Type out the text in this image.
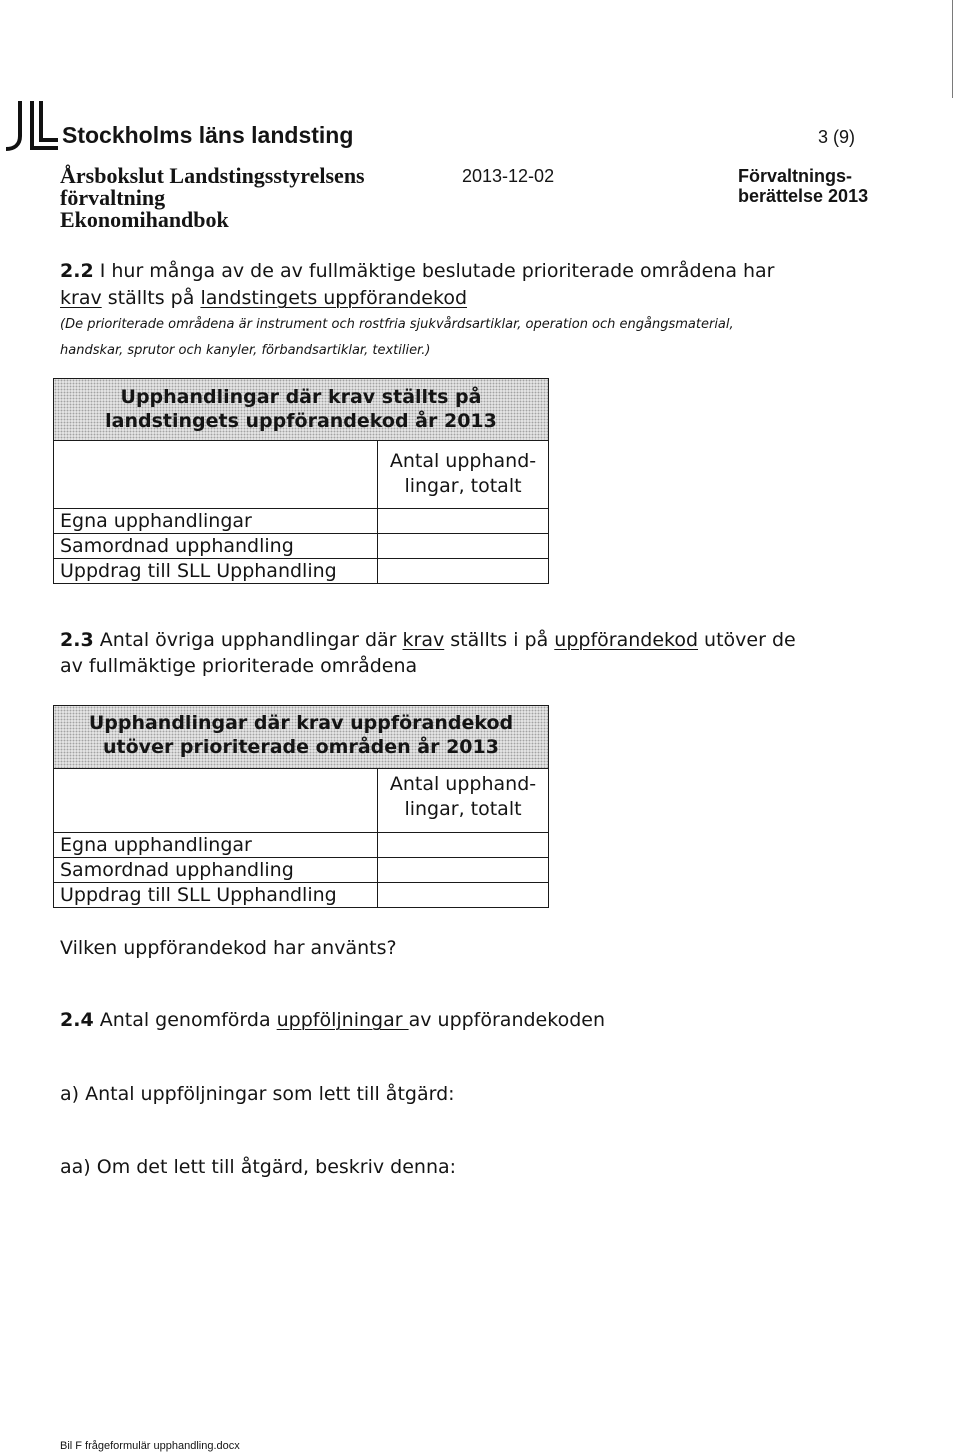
Stockholms läns landsting	3 (9)
Årsbokslut Landstingsstyrelsens
förvaltning
Ekonomihandbok
2013-12-02	Förvaltnings-
berättelse 2013
2.2 I hur många av de av fullmäktige beslutade prioriterade områdena har
krav ställts på landstingets uppförandekod
(De prioriterade områdena är instrument och rostfria sjukvårdsartiklar, operation och engångsmaterial,
handskar, sprutor och kanyler, förbandsartiklar, textilier.)
Upphandlingar där krav ställts på
landstingets uppförandekod år 2013
Antal upphand-
lingar, totalt
Egna upphandlingar
Samordnad upphandling
Uppdrag till SLL Upphandling
2.3 Antal övriga upphandlingar där krav ställts i på uppförandekod utöver de
av fullmäktige prioriterade områdena
Upphandlingar där krav uppförandekod
utöver prioriterade områden år 2013
Antal upphand-
lingar, totalt
Egna upphandlingar
Samordnad upphandling
Uppdrag till SLL Upphandling
Vilken uppförandekod har använts?
2.4 Antal genomförda uppföljningar av uppförandekoden
a) Antal uppföljningar som lett till åtgärd:
aa) Om det lett till åtgärd, beskriv denna:
Bil F frågeformulär upphandling.docx
